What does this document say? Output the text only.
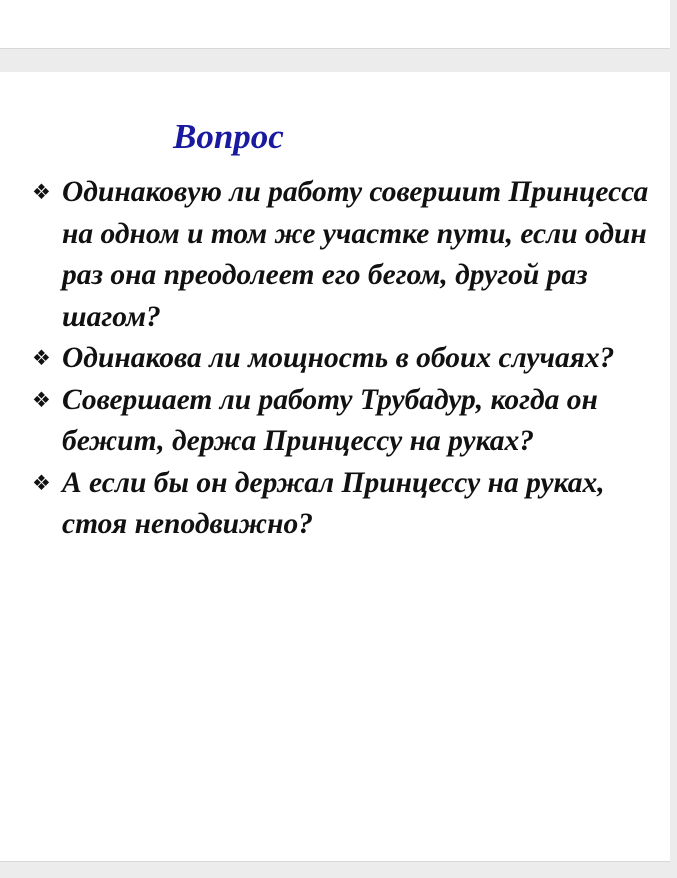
Вопрос
❖ Одинаковую ли работу совершит Принцесса на одном и том же участке пути, если один раз она преодолеет его бегом, другой раз шагом?
❖ Одинакова ли мощность в обоих случаях?
❖ Совершает ли работу Трубадур, когда он бежит, держа Принцессу на руках?
❖ А если бы он держал Принцессу на руках, стоя неподвижно?
